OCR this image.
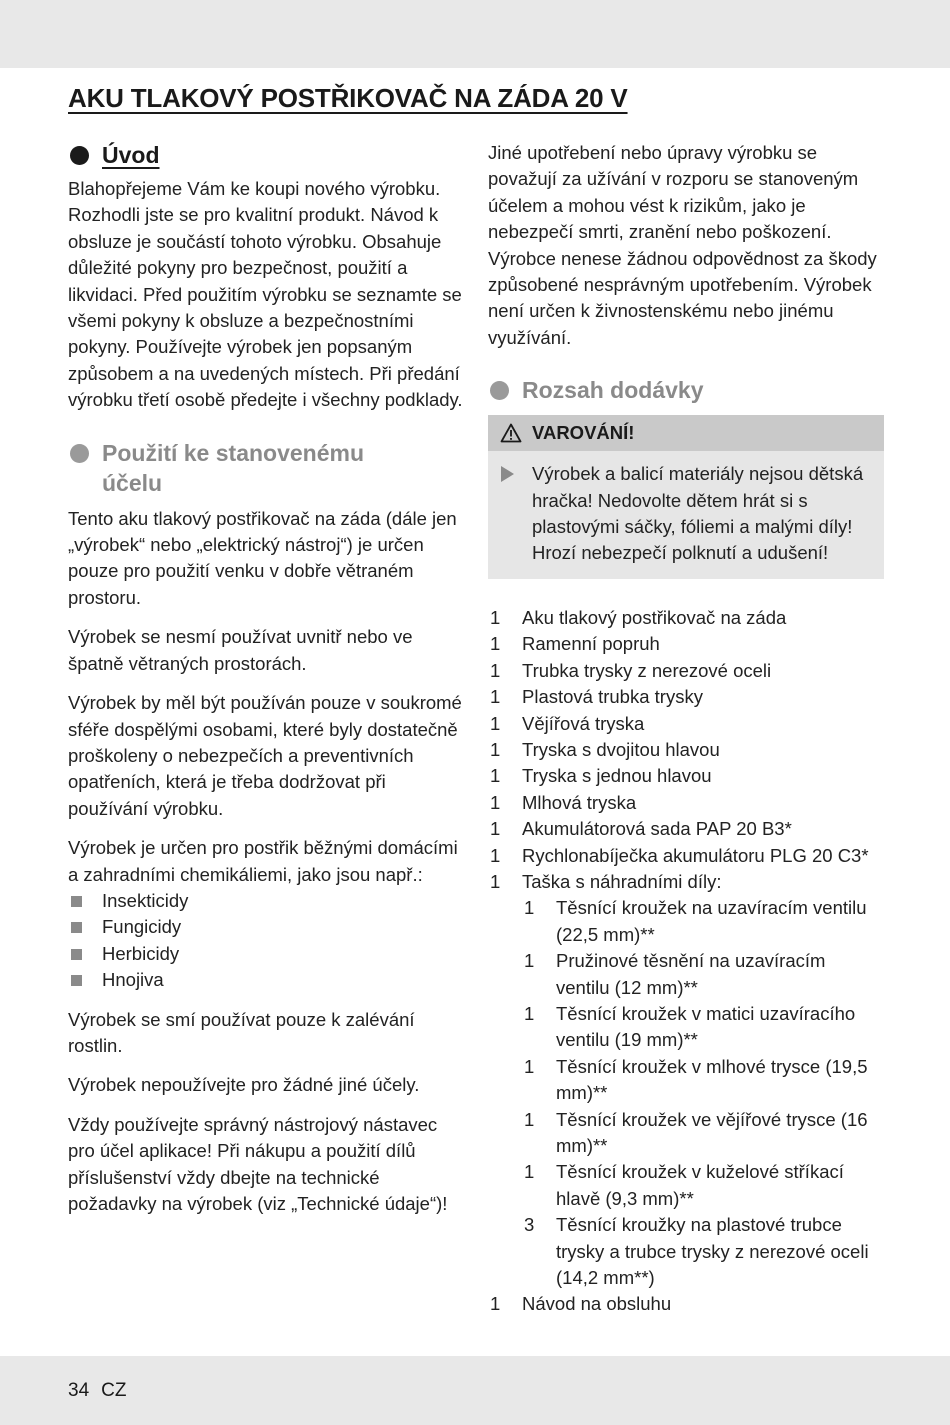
AKU TLAKOVÝ POSTŘIKOVAČ NA ZÁDA 20 V
Úvod

Blahopřejeme Vám ke koupi nového výrobku. Rozhodli jste se pro kvalitní produkt. Návod k obsluze je součástí tohoto výrobku. Obsahuje důležité pokyny pro bezpečnost, použití a likvidaci. Před použitím výrobku se seznamte se všemi pokyny k obsluze a bezpečnostními pokyny. Používejte výrobek jen popsaným způsobem a na uvedených místech. Při předání výrobku třetí osobě předejte i všechny podklady.

Použití ke stanovenému
účelu

Tento aku tlakový postřikovač na záda (dále jen „výrobek“ nebo „elektrický nástroj“) je určen pouze pro použití venku v dobře větraném prostoru.

Výrobek se nesmí používat uvnitř nebo ve špatně větraných prostorách.

Výrobek by měl být používán pouze v soukromé sféře dospělými osobami, které byly dostatečně proškoleny o nebezpečích a preventivních opatřeních, která je třeba dodržovat při používání výrobku.

Výrobek je určen pro postřik běžnými domácími a zahradními chemikáliemi, jako jsou např.:

Insekticidy
Fungicidy
Herbicidy
Hnojiva

Výrobek se smí používat pouze k zalévání rostlin.

Výrobek nepoužívejte pro žádné jiné účely.

Vždy používejte správný nástrojový nástavec pro účel aplikace! Při nákupu a použití dílů příslušenství vždy dbejte na technické požadavky na výrobek (viz „Technické údaje“)!

Jiné upotřebení nebo úpravy výrobku se považují za užívání v rozporu se stanoveným účelem a mohou vést k rizikům, jako je nebezpečí smrti, zranění nebo poškození. Výrobce nenese žádnou odpovědnost za škody způsobené nesprávným upotřebením. Výrobek není určen k živnostenskému nebo jinému využívání.

Rozsah dodávky
VAROVÁNÍ!
Výrobek a balicí materiály nejsou dětská hračka! Nedovolte dětem hrát si s plastovými sáčky, fóliemi a malými díly! Hrozí nebezpečí polknutí a udušení!
1 Aku tlakový postřikovač na záda
1 Ramenní popruh
1 Trubka trysky z nerezové oceli
1 Plastová trubka trysky
1 Vějířová tryska
1 Tryska s dvojitou hlavou
1 Tryska s jednou hlavou
1 Mlhová tryska
1 Akumulátorová sada PAP 20 B3*
1 Rychlonabíječka akumulátoru PLG 20 C3*
1 Taška s náhradními díly:
1 Těsnící kroužek na uzavíracím ventilu (22,5 mm)**
1 Pružinové těsnění na uzavíracím ventilu (12 mm)**
1 Těsnící kroužek v matici uzavíracího ventilu (19 mm)**
1 Těsnící kroužek v mlhové trysce (19,5 mm)**
1 Těsnící kroužek ve vějířové trysce (16 mm)**
1 Těsnící kroužek v kuželové stříkací hlavě (9,3 mm)**
3 Těsnící kroužky na plastové trubce trysky a trubce trysky z nerezové oceli (14,2 mm**)
1 Návod na obsluhu
34 CZ
